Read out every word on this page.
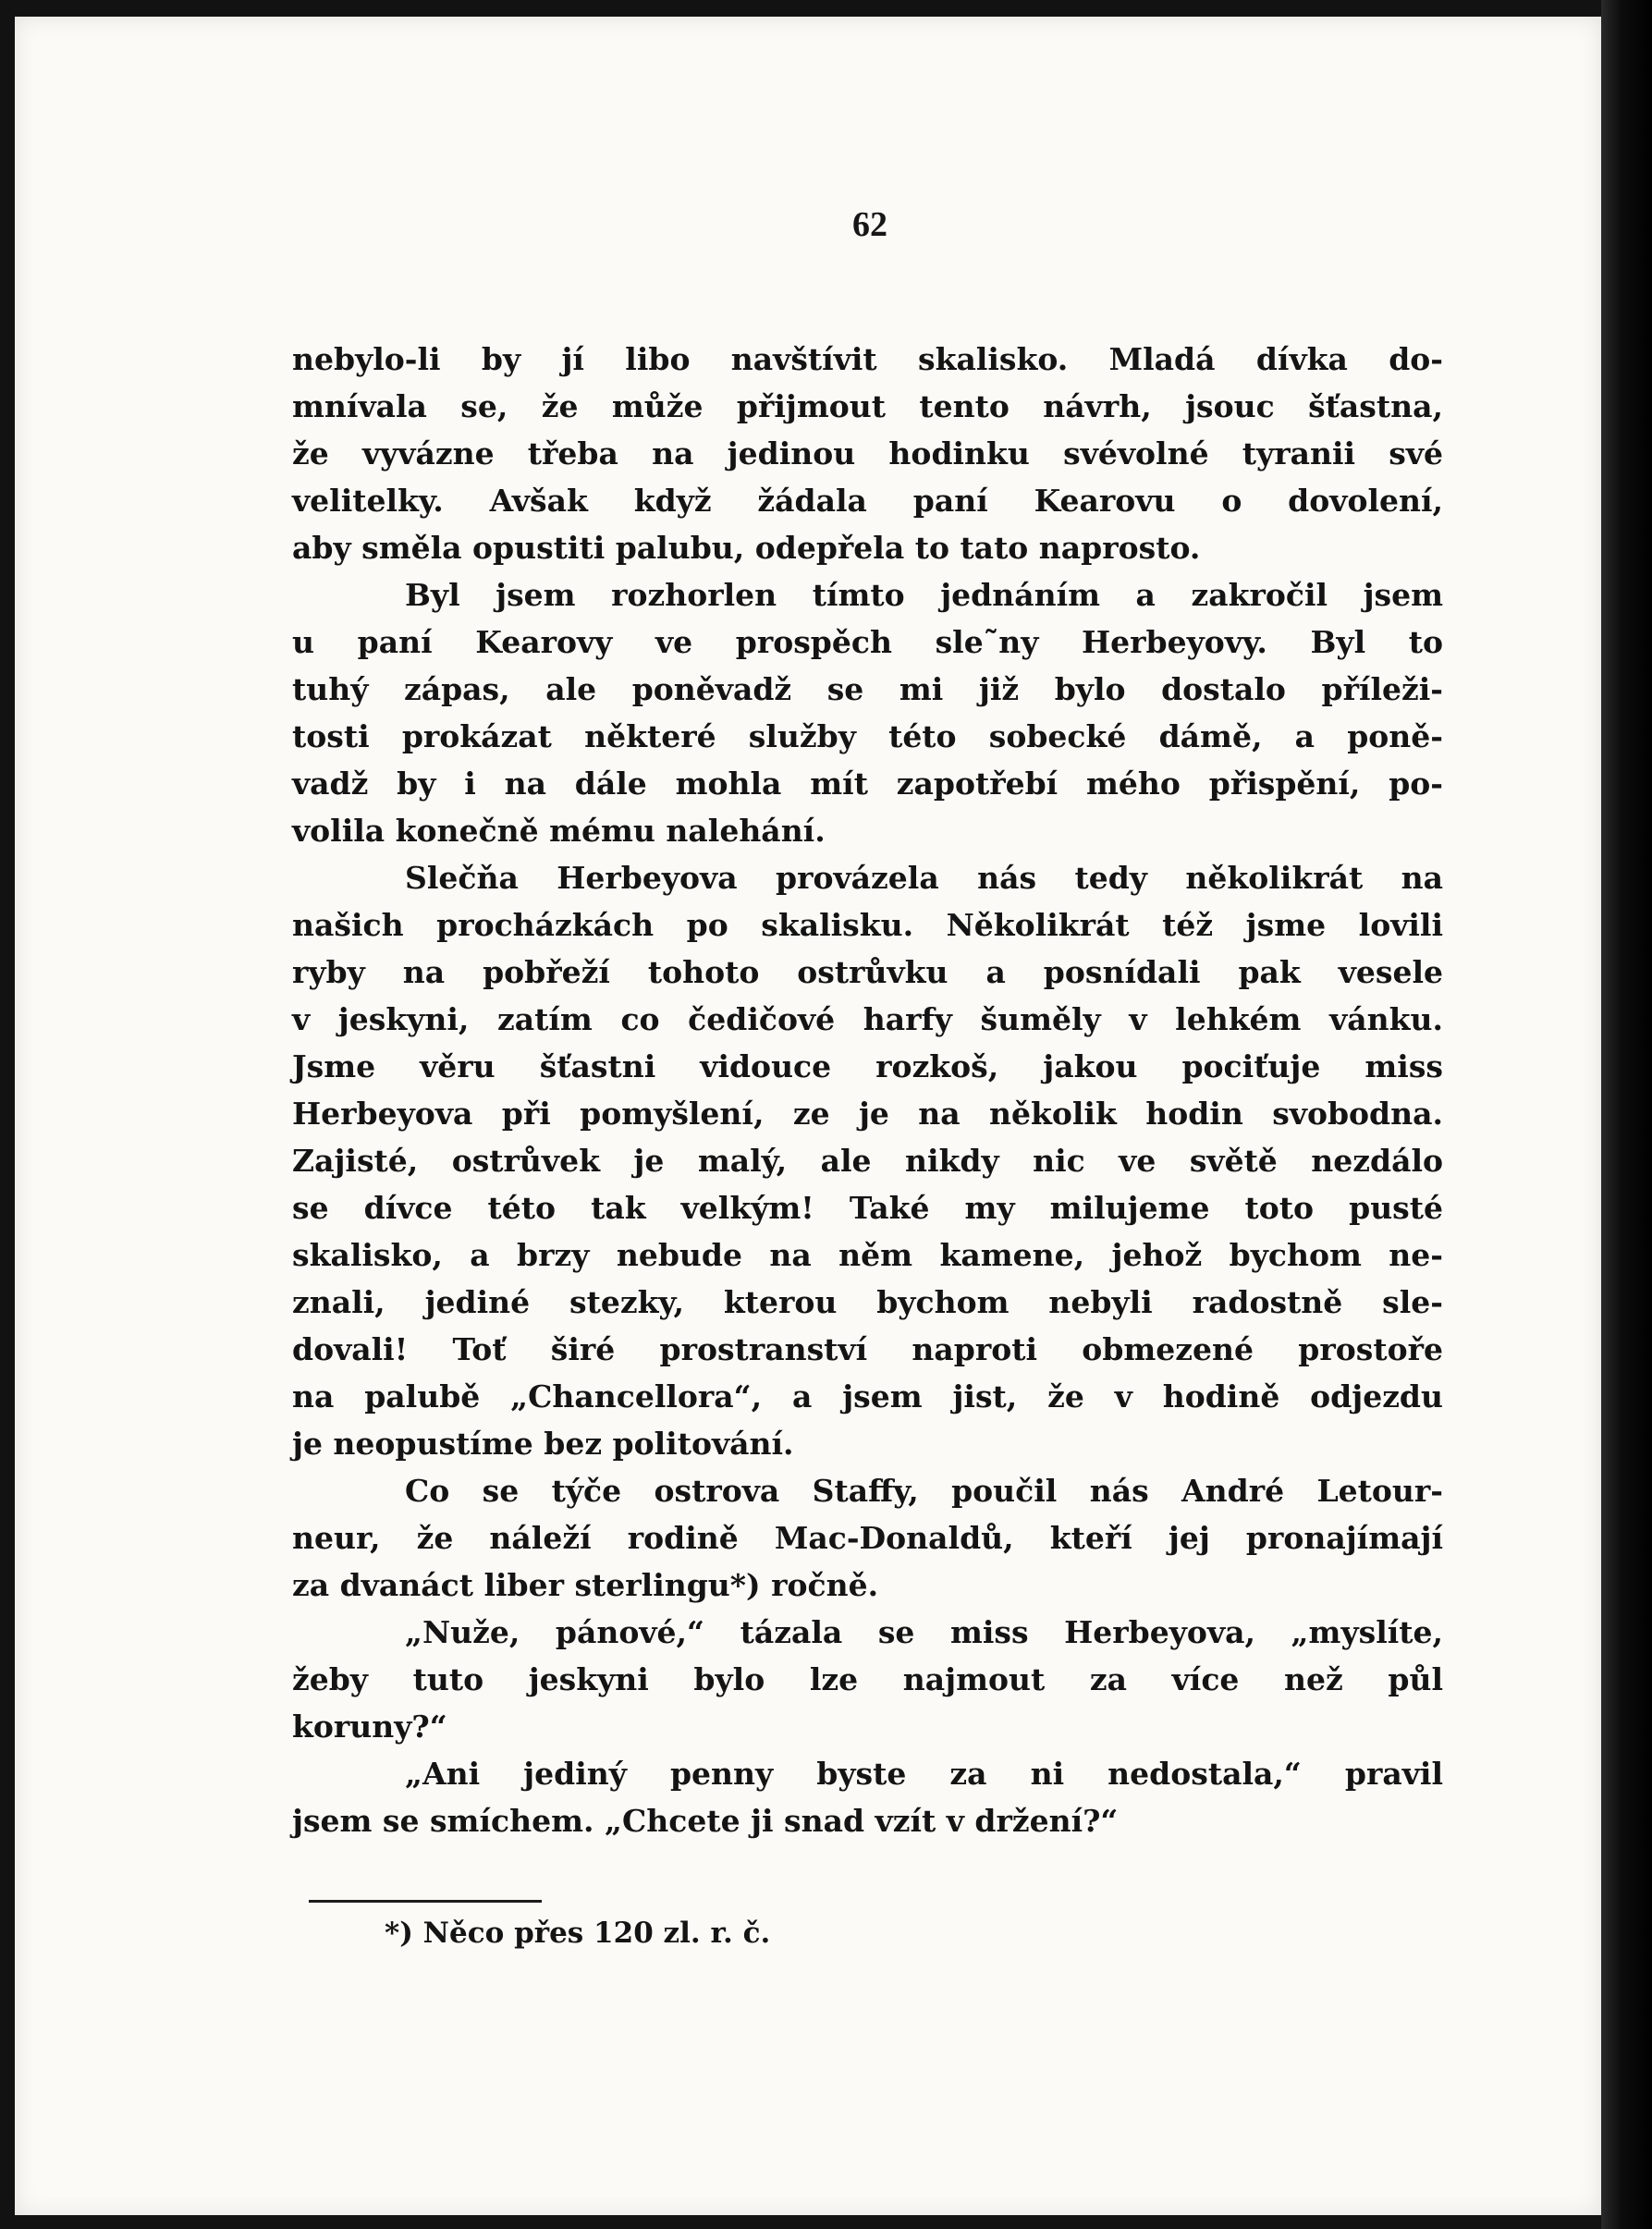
62
nebylo-li by jí libo navštívit skalisko. Mladá dívka do-
mnívala se, že může přijmout tento návrh, jsouc šťastna,
že vyvázne třeba na jedinou hodinku svévolné tyranii své
velitelky. Avšak když žádala paní Kearovu o dovolení,
aby směla opustiti palubu, odepřela to tato naprosto.
Byl jsem rozhorlen tímto jednáním a zakročil jsem
u paní Kearovy ve prospěch sle˜ny Herbeyovy. Byl to
tuhý zápas, ale poněvadž se mi již bylo dostalo příleži-
tosti prokázat některé služby této sobecké dámě, a poně-
vadž by i na dále mohla mít zapotřebí mého přispění, po-
volila konečně mému nalehání.
Slečňa Herbeyova provázela nás tedy několikrát na
našich procházkách po skalisku. Několikrát též jsme lovili
ryby na pobřeží tohoto ostrůvku a posnídali pak vesele
v jeskyni, zatím co čedičové harfy šuměly v lehkém vánku.
Jsme věru šťastni vidouce rozkoš, jakou pociťuje miss
Herbeyova při pomyšlení, ze je na několik hodin svobodna.
Zajisté, ostrůvek je malý, ale nikdy nic ve světě nezdálo
se dívce této tak velkým! Také my milujeme toto pusté
skalisko, a brzy nebude na něm kamene, jehož bychom ne-
znali, jediné stezky, kterou bychom nebyli radostně sle-
dovali! Toť širé prostranství naproti obmezené prostoře
na palubě „Chancellora“, a jsem jist, že v hodině odjezdu
je neopustíme bez politování.
Co se týče ostrova Staffy, poučil nás André Letour-
neur, že náleží rodině Mac-Donaldů, kteří jej pronajímají
za dvanáct liber sterlingu*) ročně.
„Nuže, pánové,“ tázala se miss Herbeyova, „myslíte,
žeby tuto jeskyni bylo lze najmout za více než půl
koruny?“
„Ani jediný penny byste za ni nedostala,“ pravil
jsem se smíchem. „Chcete ji snad vzít v držení?“
*) Něco přes 120 zl. r. č.
